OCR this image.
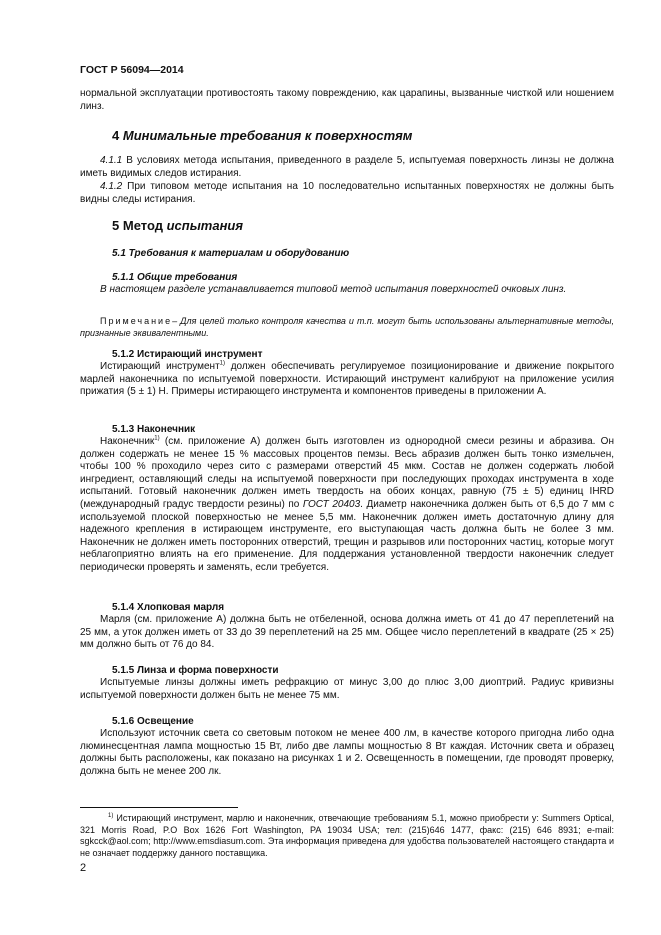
ГОСТ Р 56094—2014

нормальной эксплуатации противостоять такому повреждению, как царапины, вызванные чисткой или ношением линз.

4 Минимальные требования к поверхностям

4.1.1 В условиях метода испытания, приведенного в разделе 5, испытуемая поверхность линзы не должна иметь видимых следов истирания.

4.1.2 При типовом методе испытания на 10 последовательно испытанных поверхностях не должны быть видны следы истирания.

5 Метод испытания
5.1 Требования к материалам и оборудованию
5.1.1 Общие требования

В настоящем разделе устанавливается типовой метод испытания поверхностей очковых линз.

Примечание– Для целей только контроля качества и т.п. могут быть использованы альтернативные методы, признанные эквивалентными.

5.1.2 Истирающий инструмент

Истирающий инструмент$^{1)}$ должен обеспечивать регулируемое позиционирование и движение покрытого марлей наконечника по испытуемой поверхности. Истирающий инструмент калибруют на приложение усилия прижатия (5 ± 1) Н. Примеры истирающего инструмента и компонентов приведены в приложении А.

5.1.3 Наконечник

Наконечник$^{1)}$ (см. приложение А) должен быть изготовлен из однородной смеси резины и абразива. Он должен содержать не менее 15 % массовых процентов пемзы. Весь абразив должен быть тонко измельчен, чтобы 100 % проходило через сито с размерами отверстий 45 мкм. Состав не должен содержать любой ингредиент, оставляющий следы на испытуемой поверхности при последующих проходах инструмента в ходе испытаний. Готовый наконечник должен иметь твердость на обоих концах, равную (75 ± 5) единиц IHRD (международный градус твердости резины) по ГОСТ 20403. Диаметр наконечника должен быть от 6,5 до 7 мм с используемой плоской поверхностью не менее 5,5 мм. Наконечник должен иметь достаточную длину для надежного крепления в истирающем инструменте, его выступающая часть должна быть не более 3 мм. Наконечник не должен иметь посторонних отверстий, трещин и разрывов или посторонних частиц, которые могут неблагоприятно влиять на его применение. Для поддержания установленной твердости наконечник следует периодически проверять и заменять, если требуется.

5.1.4 Хлопковая марля

Марля (см. приложение А) должна быть не отбеленной, основа должна иметь от 41 до 47 переплетений на 25 мм, а уток должен иметь от 33 до 39 переплетений на 25 мм. Общее число переплетений в квадрате (25 × 25) мм должно быть от 76 до 84.

5.1.5 Линза и форма поверхности

Испытуемые линзы должны иметь рефракцию от минус 3,00 до плюс 3,00 диоптрий. Радиус кривизны испытуемой поверхности должен быть не менее 75 мм.

5.1.6 Освещение

Используют источник света со световым потоком не менее 400 лм, в качестве которого пригодна либо одна люминесцентная лампа мощностью 15 Вт, либо две лампы мощностью 8 Вт каждая. Источник света и образец должны быть расположены, как показано на рисунках 1 и 2. Освещенность в помещении, где проводят проверку, должна быть не менее 200 лк.

$^{1)}$ Истирающий инструмент, марлю и наконечник, отвечающие требованиям 5.1, можно приобрести у: Summers Optical, 321 Morris Road, P.O Box 1626 Fort Washington, PA 19034 USA; тел: (215)646 1477, факс: (215) 646 8931; e-mail: sgkcck@aol.com; http://www.emsdiasum.com. Эта информация приведена для удобства пользователей настоящего стандарта и не означает поддержку данного поставщика.

2
